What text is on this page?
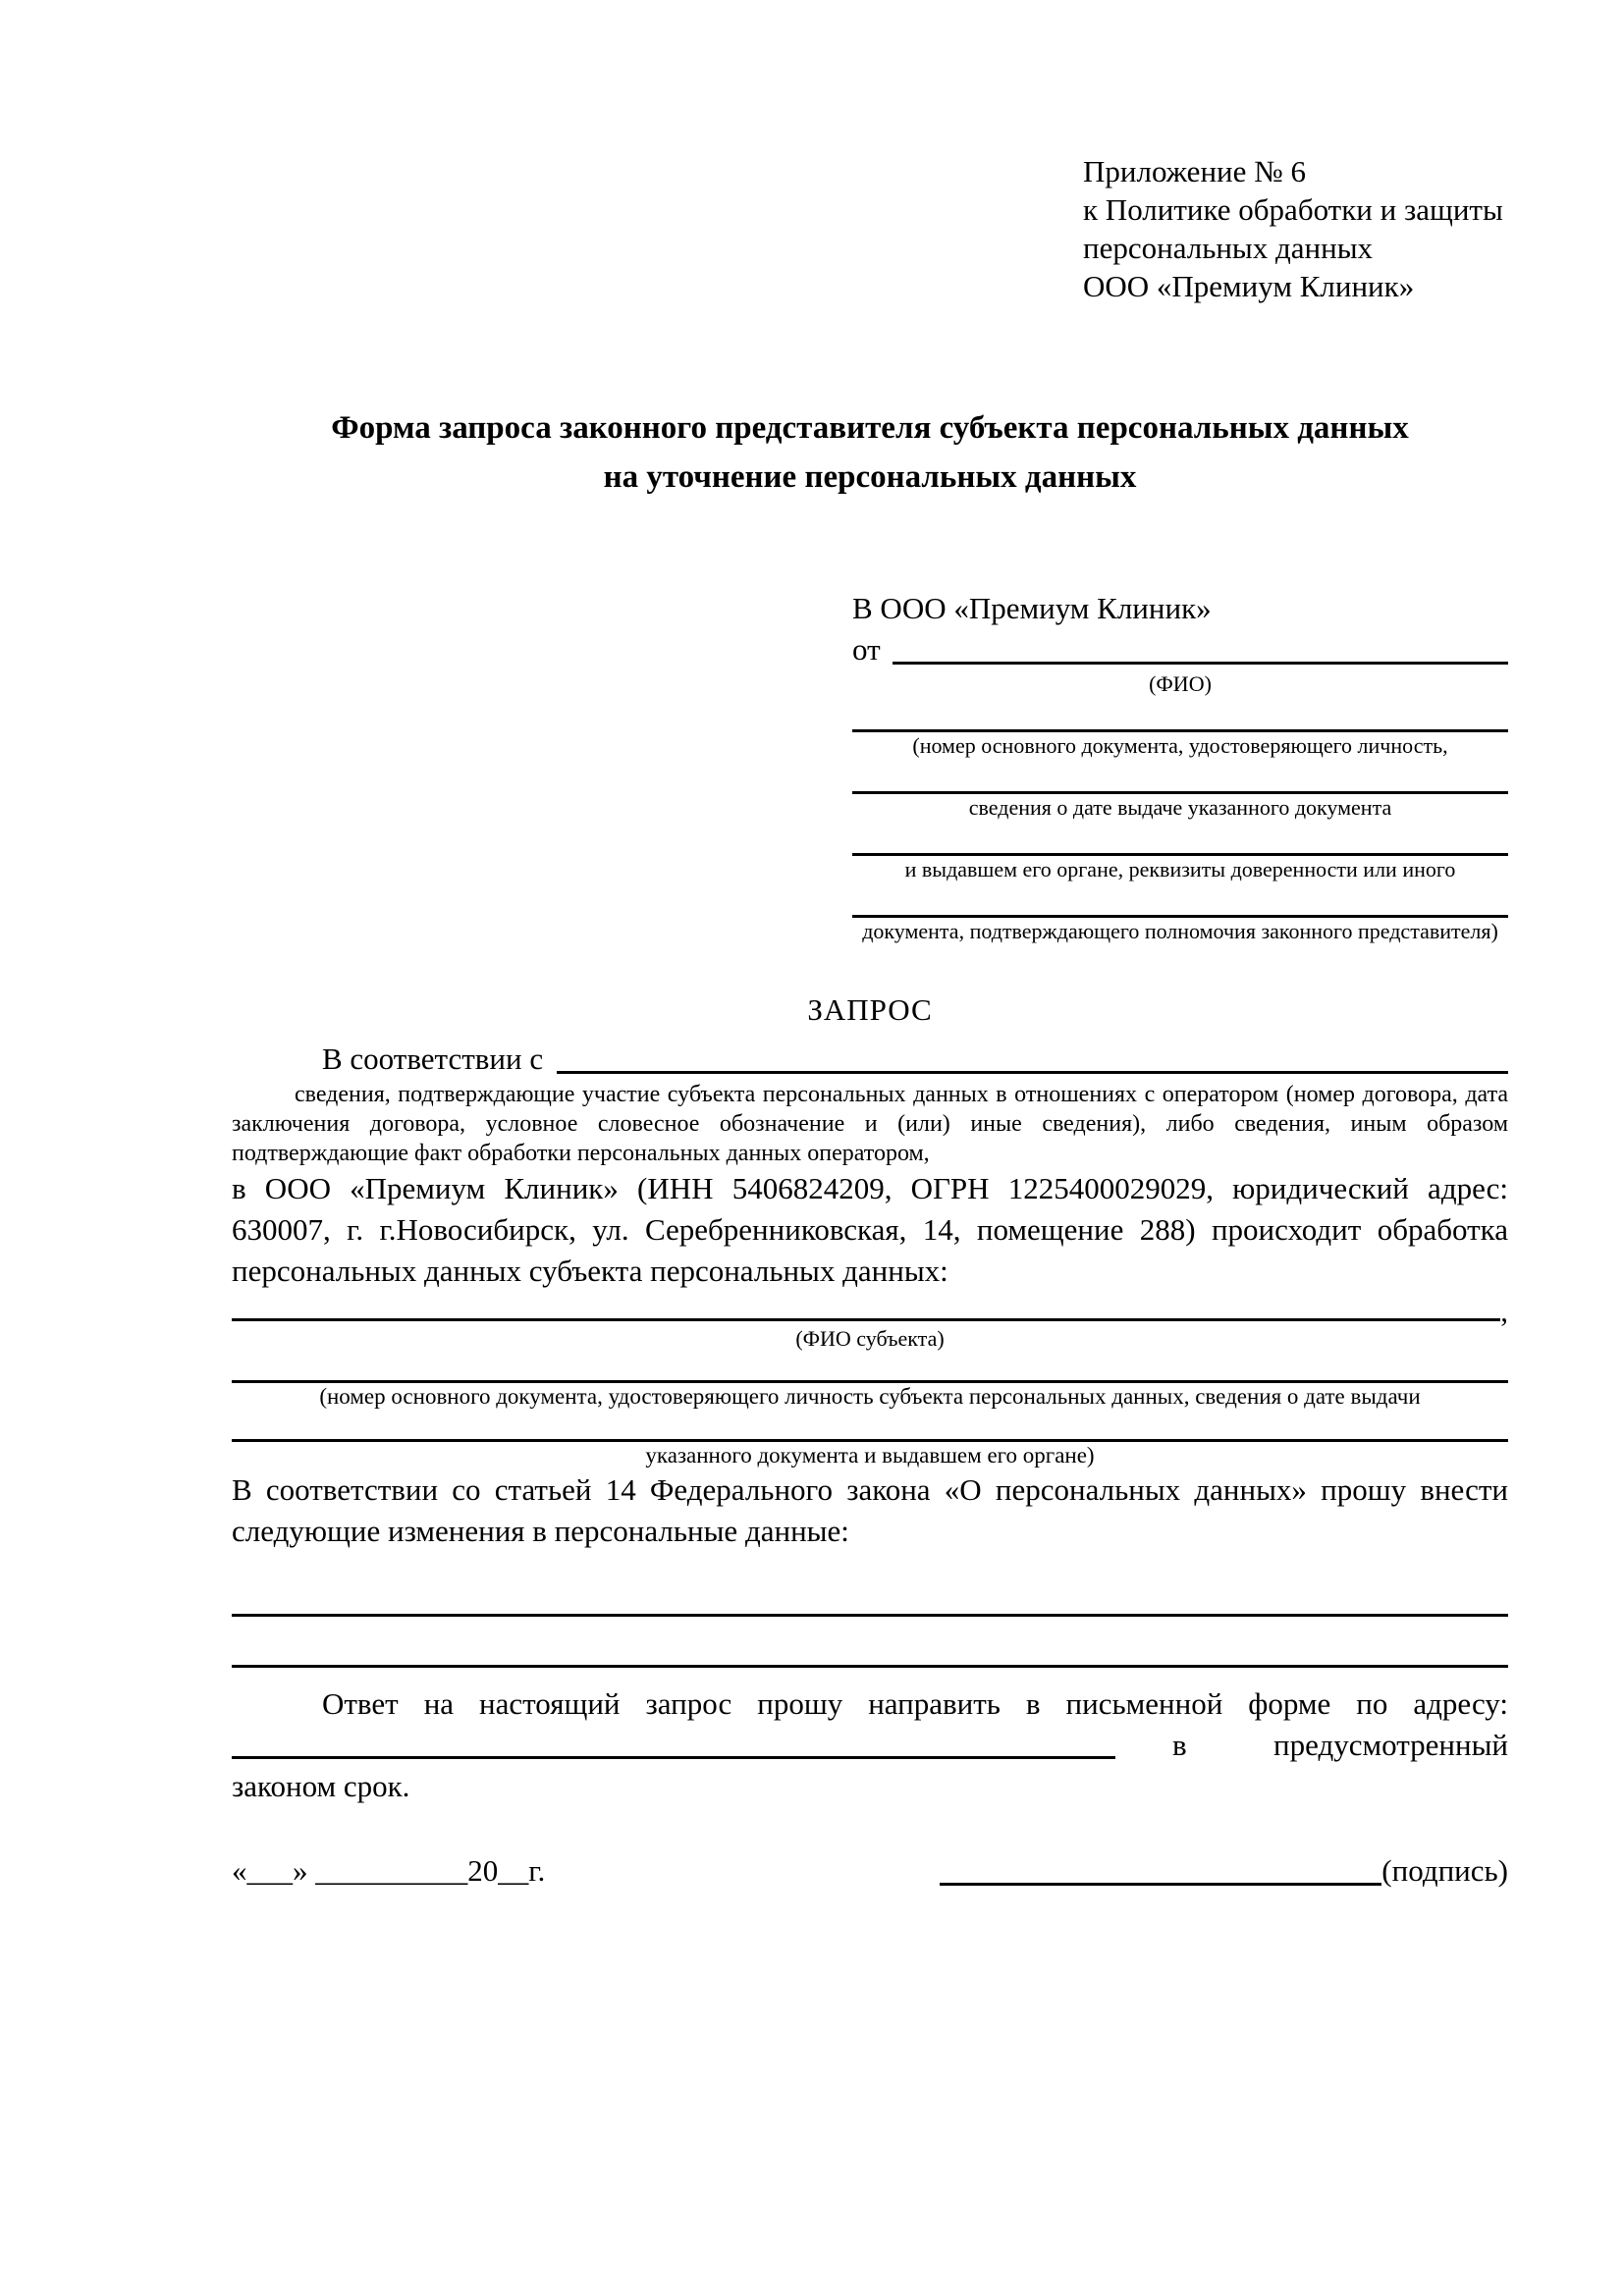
Приложение № 6
к Политике обработки и защиты
персональных данных
ООО «Премиум Клиник»
Форма запроса законного представителя субъекта персональных данных
на уточнение персональных данных
В ООО «Премиум Клиник»
от
(ФИО)
(номер основного документа, удостоверяющего личность,
сведения о дате выдаче указанного документа
и выдавшем его органе, реквизиты доверенности или иного
документа, подтверждающего полномочия законного представителя)
ЗАПРОС
В соответствии с
сведения, подтверждающие участие субъекта персональных данных в отношениях с оператором (номер договора, дата заключения договора, условное словесное обозначение и (или) иные сведения), либо сведения, иным образом подтверждающие факт обработки персональных данных оператором,
в ООО «Премиум Клиник» (ИНН 5406824209, ОГРН 1225400029029, юридический адрес: 630007, г. г.Новосибирск, ул. Серебренниковская, 14, помещение 288) происходит обработка персональных данных субъекта персональных данных:
,
(ФИО субъекта)
(номер основного документа, удостоверяющего личность субъекта персональных данных, сведения о дате выдачи
указанного документа и выдавшем его органе)
В соответствии со статьей 14 Федерального закона «О персональных данных» прошу внести следующие изменения в персональные данные:
Ответ на настоящий запрос прошу направить в письменной форме по адресу:
в	предусмотренный
законом срок.
«___» __________20__г.	(подпись)
